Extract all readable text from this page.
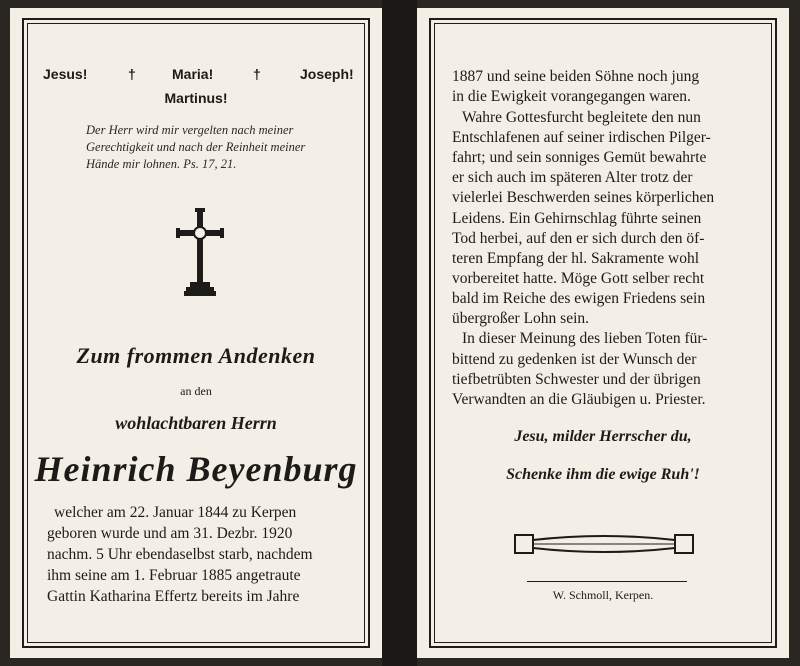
Jesus!	†	Maria!	†	Joseph!
Martinus!
Der Herr wird mir vergelten nach meiner
Gerechtigkeit und nach der Reinheit meiner
Hände mir lohnen. Ps. 17, 21.
Zum frommen Andenken
an den
wohlachtbaren Herrn
Heinrich Beyenburg
welcher am 22. Januar 1844 zu Kerpen
geboren wurde und am 31. Dezbr. 1920
nachm. 5 Uhr ebendaselbst starb, nachdem
ihm seine am 1. Februar 1885 angetraute
Gattin Katharina Effertz bereits im Jahre
1887 und seine beiden Söhne noch jung
in die Ewigkeit vorangegangen waren.
Wahre Gottesfurcht begleitete den nun
Entschlafenen auf seiner irdischen Pilger-
fahrt; und sein sonniges Gemüt bewahrte
er sich auch im späteren Alter trotz der
vielerlei Beschwerden seines körperlichen
Leidens. Ein Gehirnschlag führte seinen
Tod herbei, auf den er sich durch den öf-
teren Empfang der hl. Sakramente wohl
vorbereitet hatte. Möge Gott selber recht
bald im Reiche des ewigen Friedens sein
übergroßer Lohn sein.
In dieser Meinung des lieben Toten für-
bittend zu gedenken ist der Wunsch der
tiefbetrübten Schwester und der übrigen
Verwandten an die Gläubigen u. Priester.
Jesu, milder Herrscher du,
Schenke ihm die ewige Ruh'!
W. Schmoll, Kerpen.
